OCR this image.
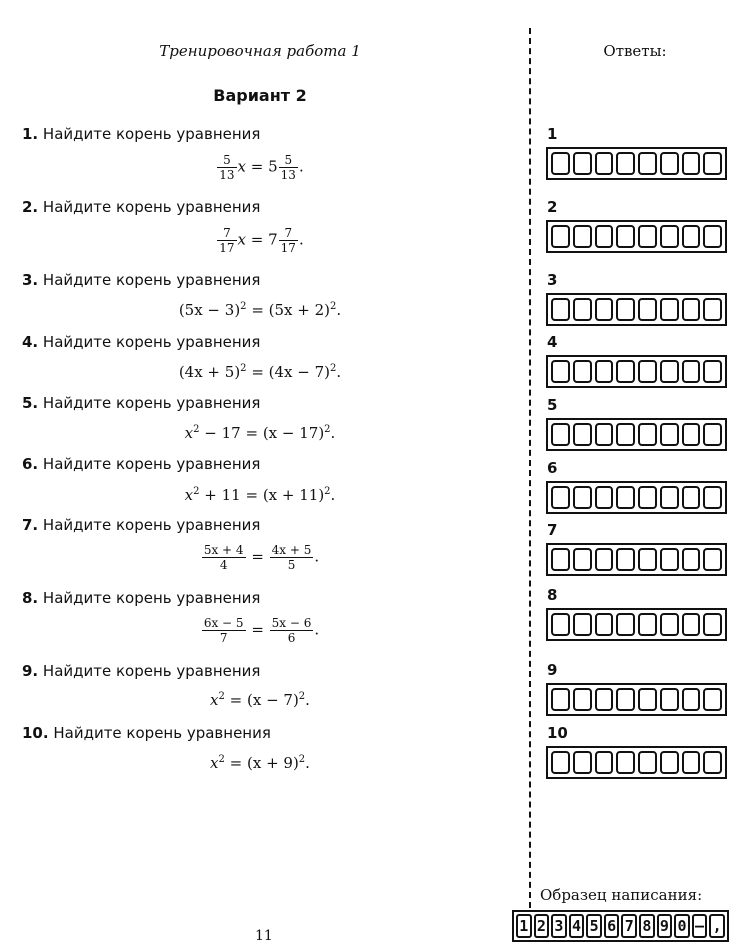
Тренировочная работа 1
Вариант 2
1. Найдите корень уравнения
$\frac{5}{13}$ $x = 5 \frac{5}{13}$ .
2. Найдите корень уравнения
$\frac{7}{17}$ $x = 7 \frac{7}{17}$ .
3. Найдите корень уравнения
$(5x - 3)^2 = (5x + 2)^2$.
4. Найдите корень уравнения
$(4x + 5)^2 = (4x - 7)^2$.
5. Найдите корень уравнения
$x^2 - 17 = (x - 17)^2$.
6. Найдите корень уравнения
$x^2 + 11 = (x + 11)^2$.
7. Найдите корень уравнения
$\frac{5x + 4}{4} = \frac{4x + 5}{5}$ .
8. Найдите корень уравнения
$\frac{6x - 5}{7} = \frac{5x - 6}{6}$ .
9. Найдите корень уравнения
$x^2 = (x - 7)^2$.
10. Найдите корень уравнения
$x^2 = (x + 9)^2$.
Ответы:
1
2
3
4
5
6
7
8
9
10
Образец написания:
1 2 3 4 5 6 7 8 9 0 – ,
11
